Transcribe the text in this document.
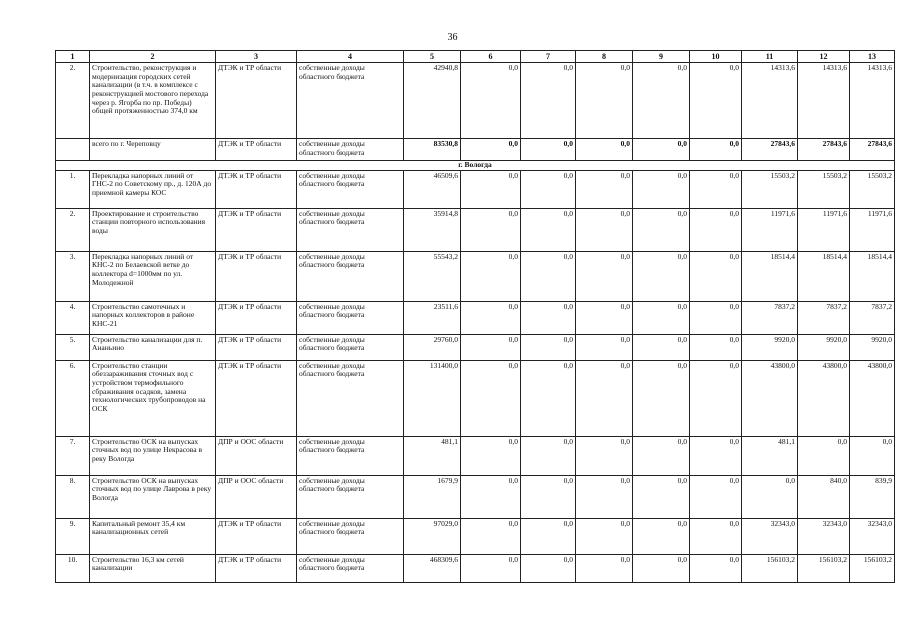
36
1	2	3	4	5	6	7	8	9	10	11	12	13
2.	Строительство, реконструкция и модернизация городских сетей канализации (в т.ч. в комплексе с реконструкцией мостового перехода через р. Ягорба по пр. Победы) общей протяженностью 374,0 км	ДТЭК и ТР области	собственные доходы областного бюджета	42940,8	0,0	0,0	0,0	0,0	0,0	14313,6	14313,6	14313,6
	всего по г. Череповцу	ДТЭК и ТР области	собственные доходы областного бюджета	83530,8	0,0	0,0	0,0	0,0	0,0	27843,6	27843,6	27843,6
г. Вологда												
1.	Перекладка напорных линий от ГНС-2 по Советскому пр., д. 120А до приемной камеры КОС	ДТЭК и ТР области	собственные доходы областного бюджета	46509,6	0,0	0,0	0,0	0,0	0,0	15503,2	15503,2	15503,2
2.	Проектирование и строительство станции повторного использования воды	ДТЭК и ТР области	собственные доходы областного бюджета	35914,8	0,0	0,0	0,0	0,0	0,0	11971,6	11971,6	11971,6
3.	Перекладка напорных линий от КНС-2 по Белаевской ветке до коллектора d=1000мм по ул. Молодежной	ДТЭК и ТР области	собственные доходы областного бюджета	55543,2	0,0	0,0	0,0	0,0	0,0	18514,4	18514,4	18514,4
4.	Строительство самотечных и напорных коллекторов в районе КНС-21	ДТЭК и ТР области	собственные доходы областного бюджета	23511,6	0,0	0,0	0,0	0,0	0,0	7837,2	7837,2	7837,2
5.	Строительство канализации для п. Ананьино	ДТЭК и ТР области	собственные доходы областного бюджета	29760,0	0,0	0,0	0,0	0,0	0,0	9920,0	9920,0	9920,0
6.	Строительство станции обеззараживания сточных вод с устройством термофильного сбраживания осадков, замена технологических трубопроводов на ОСК	ДТЭК и ТР области	собственные доходы областного бюджета	131400,0	0,0	0,0	0,0	0,0	0,0	43800,0	43800,0	43800,0
7.	Строительство ОСК на выпусках сточных вод по улице Некрасова в реку Вологда	ДПР и ООС области	собственные доходы областного бюджета	481,1	0,0	0,0	0,0	0,0	0,0	481,1	0,0	0,0
8.	Строительство ОСК на выпусках сточных вод по улице Лаврова в реку Вологда	ДПР и ООС области	собственные доходы областного бюджета	1679,9	0,0	0,0	0,0	0,0	0,0	0,0	840,0	839,9
9.	Капитальный ремонт 35,4 км канализационных сетей	ДТЭК и ТР области	собственные доходы областного бюджета	97029,0	0,0	0,0	0,0	0,0	0,0	32343,0	32343,0	32343,0
10.	Строительство 16,3 км сетей канализации	ДТЭК и ТР области	собственные доходы областного бюджета	468309,6	0,0	0,0	0,0	0,0	0,0	156103,2	156103,2	156103,2
